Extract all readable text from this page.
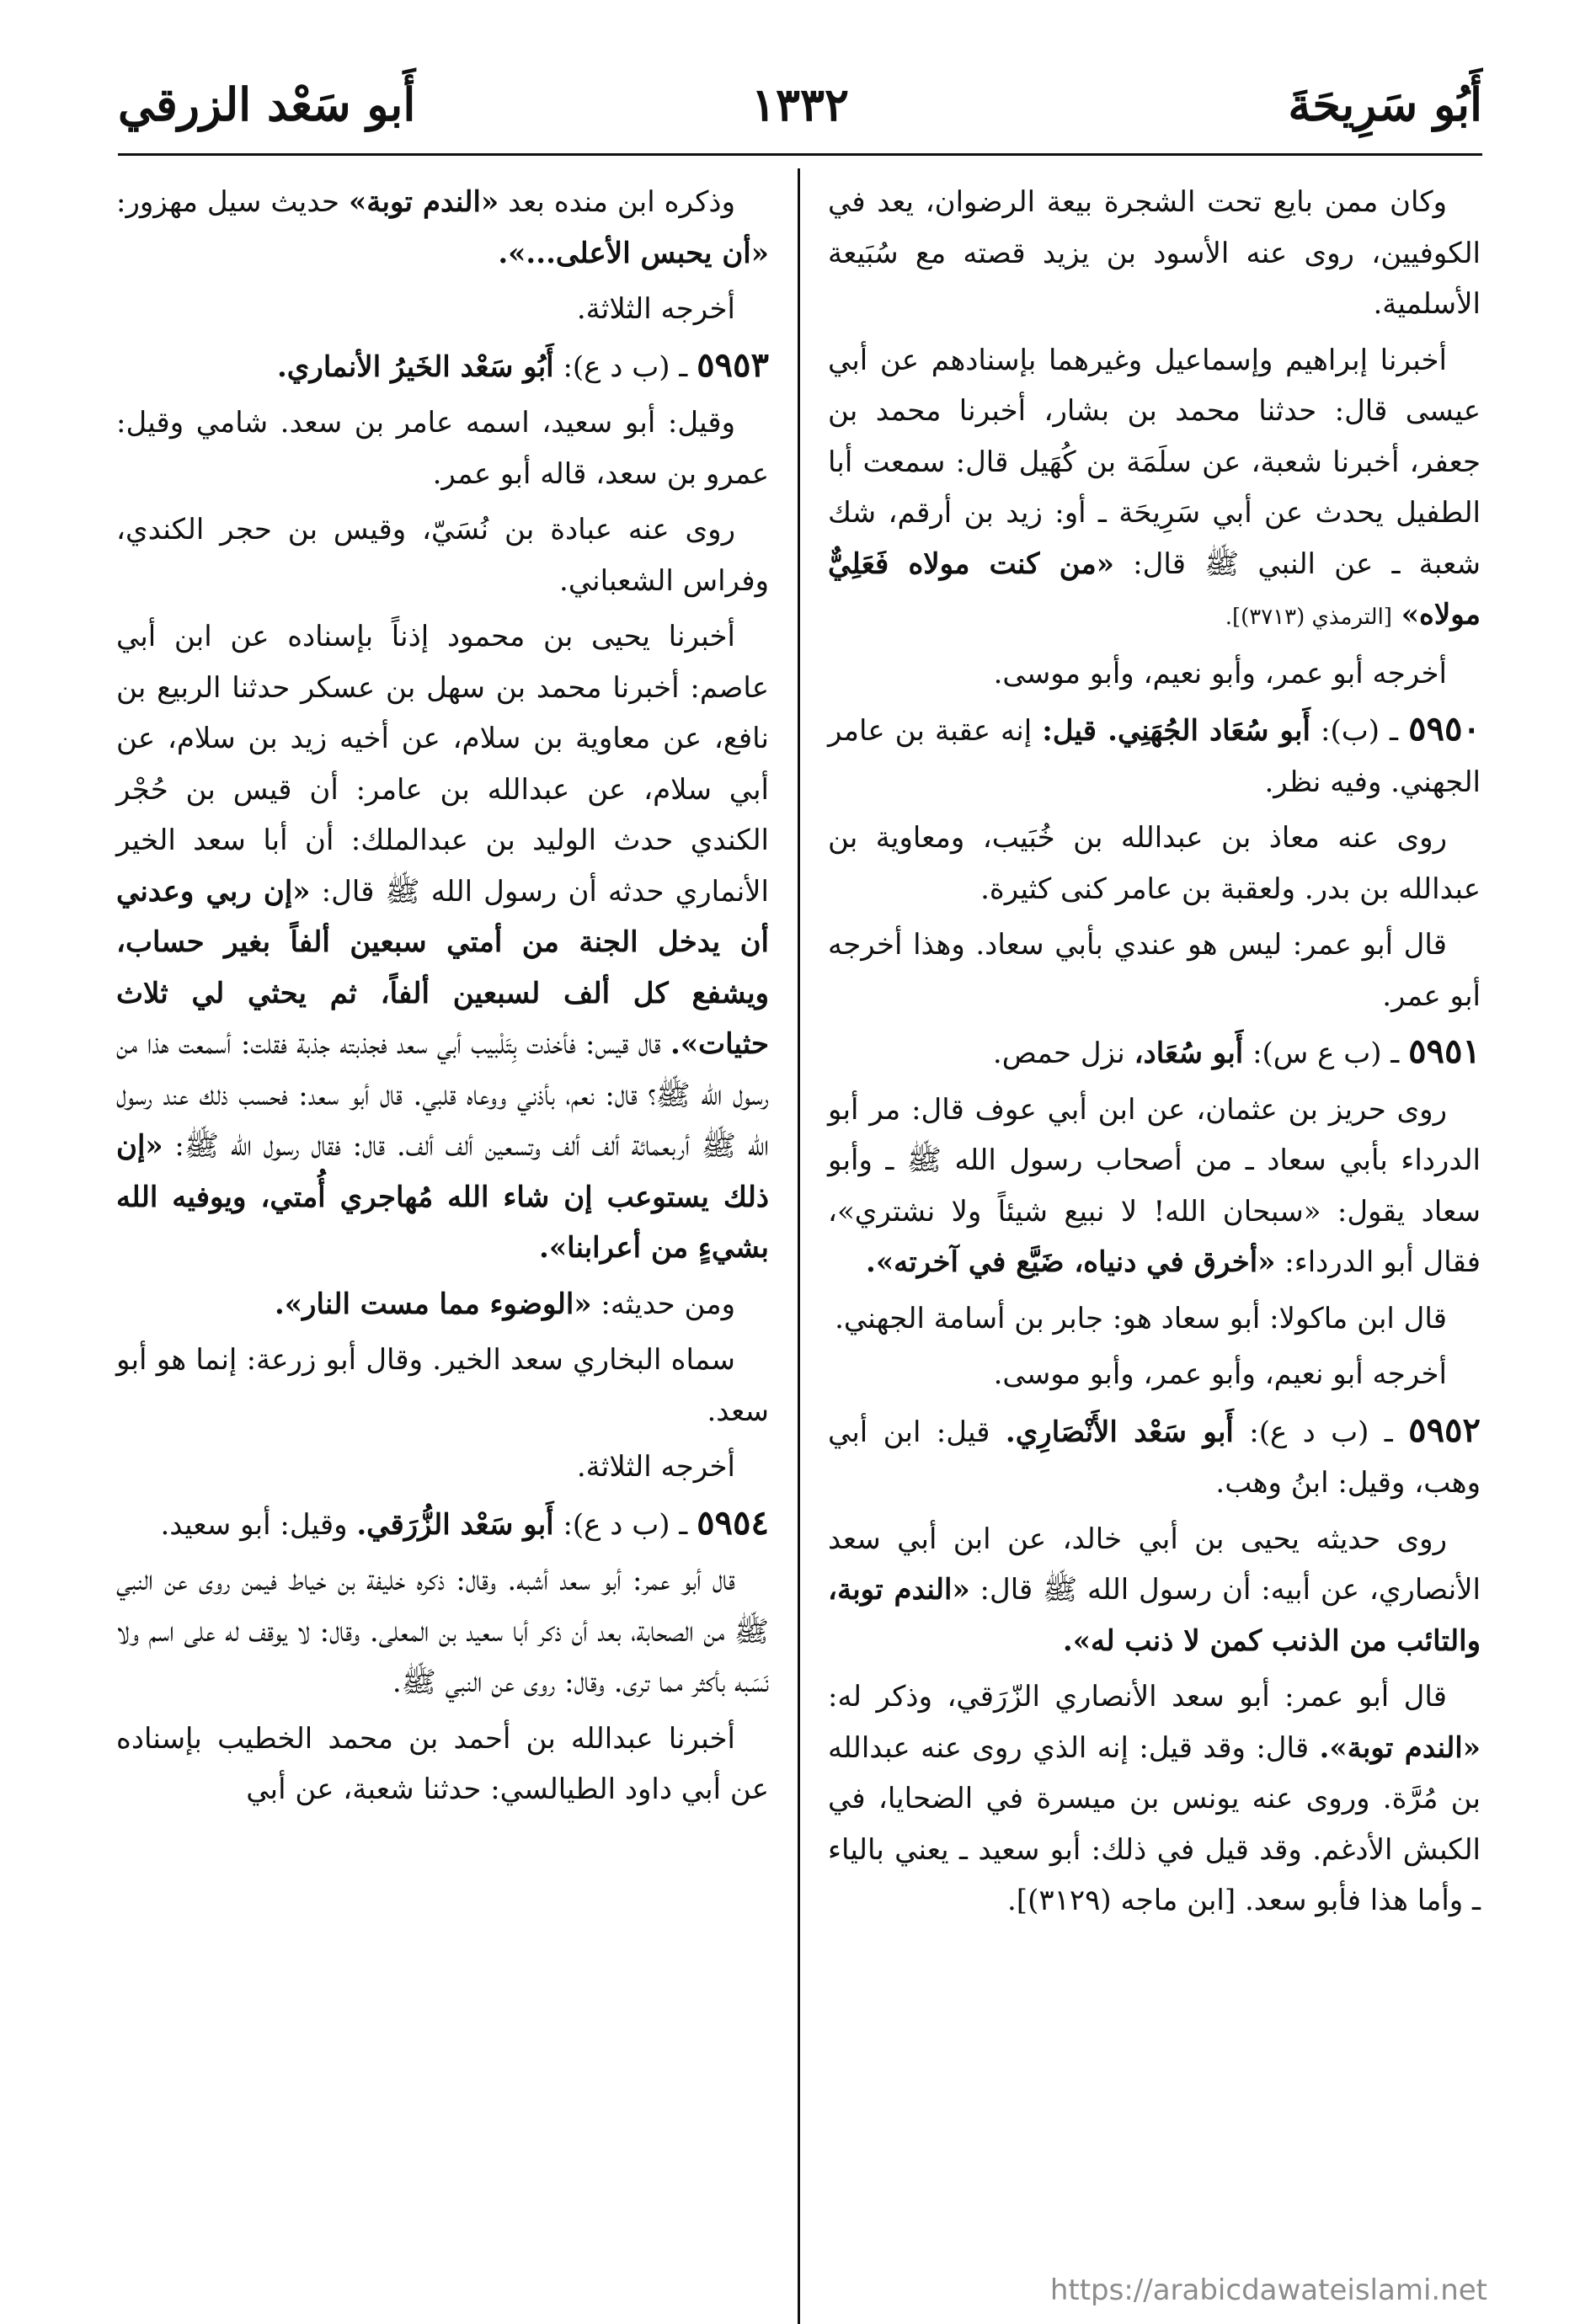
أَبُو سَرِيحَةَ
١٣٣٢
أَبو سَعْد الزرقي

وكان ممن بايع تحت الشجرة بيعة الرضوان، يعد في الكوفيين، روى عنه الأسود بن يزيد قصته مع سُبَيعة الأسلمية.

أخبرنا إبراهيم وإسماعيل وغيرهما بإسنادهم عن أبي عيسى قال: حدثنا محمد بن بشار، أخبرنا محمد بن جعفر، أخبرنا شعبة، عن سلَمَة بن كُهَيل قال: سمعت أبا الطفيل يحدث عن أبي سَرِيحَة ـ أو: زيد بن أرقم، شك شعبة ـ عن النبي ﷺ قال: «من كنت مولاه فَعَلِيٌّ مولاه» [الترمذي (٣٧١٣)].

أخرجه أبو عمر، وأبو نعيم، وأبو موسى.

٥٩٥٠ ـ (ب): أَبو سُعَاد الجُهَنِي. قيل: إنه عقبة بن عامر الجهني. وفيه نظر.

روى عنه معاذ بن عبدالله بن خُبَيب، ومعاوية بن عبدالله بن بدر. ولعقبة بن عامر كنى كثيرة.

قال أبو عمر: ليس هو عندي بأبي سعاد. وهذا أخرجه أبو عمر.

٥٩٥١ ـ (ب ع س): أَبو سُعَاد، نزل حمص.

روى حريز بن عثمان، عن ابن أبي عوف قال: مر أبو الدرداء بأبي سعاد ـ من أصحاب رسول الله ﷺ ـ وأبو سعاد يقول: «سبحان الله! لا نبيع شيئاً ولا نشتري»، فقال أبو الدرداء: «أخرق في دنياه، ضَيَّع في آخرته».

قال ابن ماكولا: أبو سعاد هو: جابر بن أسامة الجهني.

أخرجه أبو نعيم، وأبو عمر، وأبو موسى.

٥٩٥٢ ـ (ب د ع): أَبو سَعْد الأَنْصَارِي. قيل: ابن أبي وهب، وقيل: ابنُ وهب.

روى حديثه يحيى بن أبي خالد، عن ابن أبي سعد الأنصاري، عن أبيه: أن رسول الله ﷺ قال: «الندم توبة، والتائب من الذنب كمن لا ذنب له».

قال أبو عمر: أبو سعد الأنصاري الزّرَقي، وذكر له: «الندم توبة». قال: وقد قيل: إنه الذي روى عنه عبدالله بن مُرَّة. وروى عنه يونس بن ميسرة في الضحايا، في الكبش الأدغم. وقد قيل في ذلك: أبو سعيد ـ يعني بالياء ـ وأما هذا فأبو سعد. [ابن ماجه (٣١٢٩)].

وذكره ابن منده بعد «الندم توبة» حديث سيل مهزور: «أن يحبس الأعلى...».

أخرجه الثلاثة.

٥٩٥٣ ـ (ب د ع): أَبُو سَعْد الخَيرُ الأنماري.

وقيل: أبو سعيد، اسمه عامر بن سعد. شامي وقيل: عمرو بن سعد، قاله أبو عمر.

روى عنه عبادة بن نُسَيّ، وقيس بن حجر الكندي، وفراس الشعباني.

أخبرنا يحيى بن محمود إذناً بإسناده عن ابن أبي عاصم: أخبرنا محمد بن سهل بن عسكر حدثنا الربيع بن نافع، عن معاوية بن سلام، عن أخيه زيد بن سلام، عن أبي سلام، عن عبدالله بن عامر: أن قيس بن حُجْر الكندي حدث الوليد بن عبدالملك: أن أبا سعد الخير الأنماري حدثه أن رسول الله ﷺ قال: «إن ربي وعدني أن يدخل الجنة من أمتي سبعين ألفاً بغير حساب، ويشفع كل ألف لسبعين ألفاً، ثم يحثي لي ثلاث حثيات». قال قيس: فأخذت بِتَلْبيب أبي سعد فجذبته جذبة فقلت: أسمعت هذا من رسول الله ﷺ؟ قال: نعم، بأذني ووعاه قلبي. قال أبو سعد: فحسب ذلك عند رسول الله ﷺ أربعمائة ألف ألف وتسعين ألف ألف. قال: فقال رسول الله ﷺ: «إن ذلك يستوعب إن شاء الله مُهاجري أُمتي، ويوفيه الله بشيءٍ من أعرابنا».

ومن حديثه: «الوضوء مما مست النار».

سماه البخاري سعد الخير. وقال أبو زرعة: إنما هو أبو سعد.

أخرجه الثلاثة.

٥٩٥٤ ـ (ب د ع): أَبو سَعْد الزُّرَقي. وقيل: أبو سعيد.

قال أبو عمر: أبو سعد أشبه. وقال: ذكره خليفة بن خياط فيمن روى عن النبي ﷺ من الصحابة، بعد أن ذكر أبا سعيد بن المعلى. وقال: لا يوقف له على اسم ولا نَسَبه بأكثر مما ترى. وقال: روى عن النبي ﷺ.

أخبرنا عبدالله بن أحمد بن محمد الخطيب بإسناده عن أبي داود الطيالسي: حدثنا شعبة، عن أبي

https://arabicdawateislami.net
